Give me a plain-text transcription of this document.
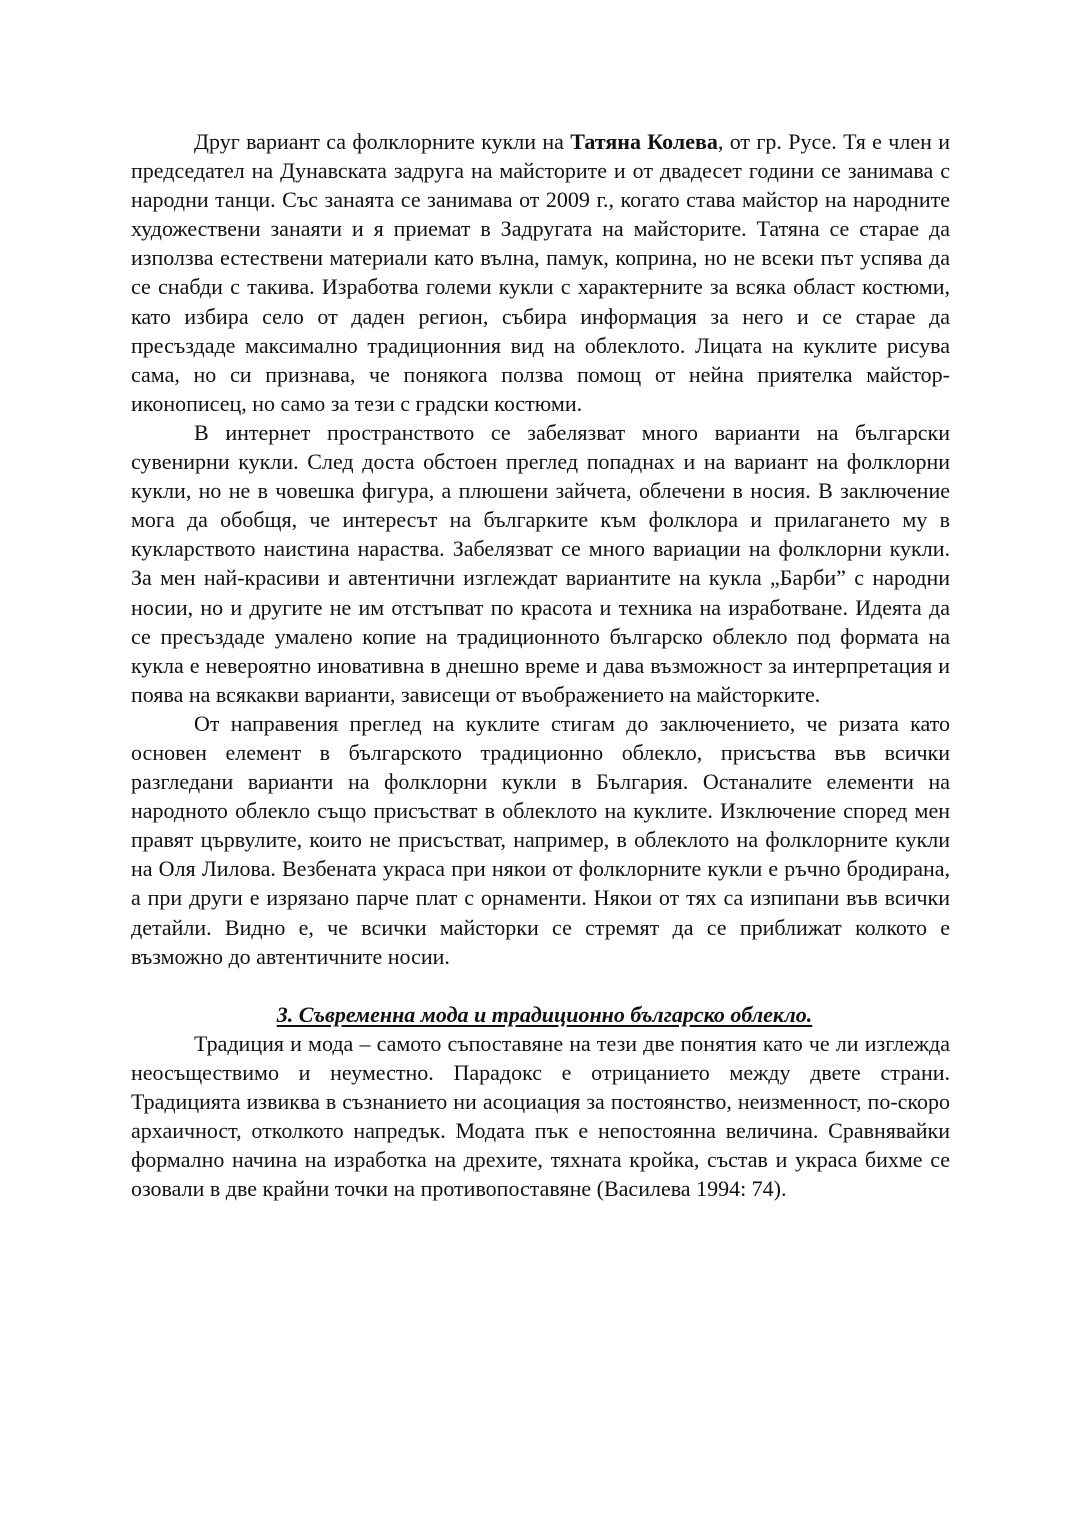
Друг вариант са фолклорните кукли на Татяна Колева, от гр. Русе. Тя е член и председател на Дунавската задруга на майсторите и от двадесет години се занимава с народни танци. Със занаята се занимава от 2009 г., когато става майстор на народните художествени занаяти и я приемат в Задругата на майсторите. Татяна се старае да използва естествени материали като вълна, памук, коприна, но не всеки път успява да се снабди с такива. Изработва големи кукли с характерните за всяка област костюми, като избира село от даден регион, събира информация за него и се старае да пресъздаде максимално традиционния вид на облеклото. Лицата на куклите рисува сама, но си признава, че понякога ползва помощ от нейна приятелка майстор-иконописец, но само за тези с градски костюми.

В интернет пространството се забелязват много варианти на български сувенирни кукли. След доста обстоен преглед попаднах и на вариант на фолклорни кукли, но не в човешка фигура, а плюшени зайчета, облечени в носия. В заключение мога да обобщя, че интересът на българките към фолклора и прилагането му в кукларството наистина нараства. Забелязват се много вариации на фолклорни кукли. За мен най-красиви и автентични изглеждат вариантите на кукла „Барби” с народни носии, но и другите не им отстъпват по красота и техника на изработване. Идеята да се пресъздаде умалено копие на традиционното българско облекло под формата на кукла е невероятно иновативна в днешно време и дава възможност за интерпретация и поява на всякакви варианти, зависещи от въображението на майсторките.

От направения преглед на куклите стигам до заключението, че ризата като основен елемент в българското традиционно облекло, присъства във всички разгледани варианти на фолклорни кукли в България. Останалите елементи на народното облекло също присъстват в облеклото на куклите. Изключение според мен правят цървулите, които не присъстват, например, в облеклото на фолклорните кукли на Оля Лилова. Везбената украса при някои от фолклорните кукли е ръчно бродирана, а при други е изрязано парче плат с орнаменти. Някои от тях са изпипани във всички детайли. Видно е, че всички майсторки се стремят да се приближат колкото е възможно до автентичните носии.

3. Съвременна мода и традиционно българско облекло.

Традиция и мода – самото съпоставяне на тези две понятия като че ли изглежда неосъществимо и неуместно. Парадокс е отрицанието между двете страни. Традицията извиква в съзнанието ни асоциация за постоянство, неизменност, по-скоро архаичност, отколкото напредък. Модата пък е непостоянна величина. Сравнявайки формално начина на изработка на дрехите, тяхната кройка, състав и украса бихме се озовали в две крайни точки на противопоставяне (Василева 1994: 74).
